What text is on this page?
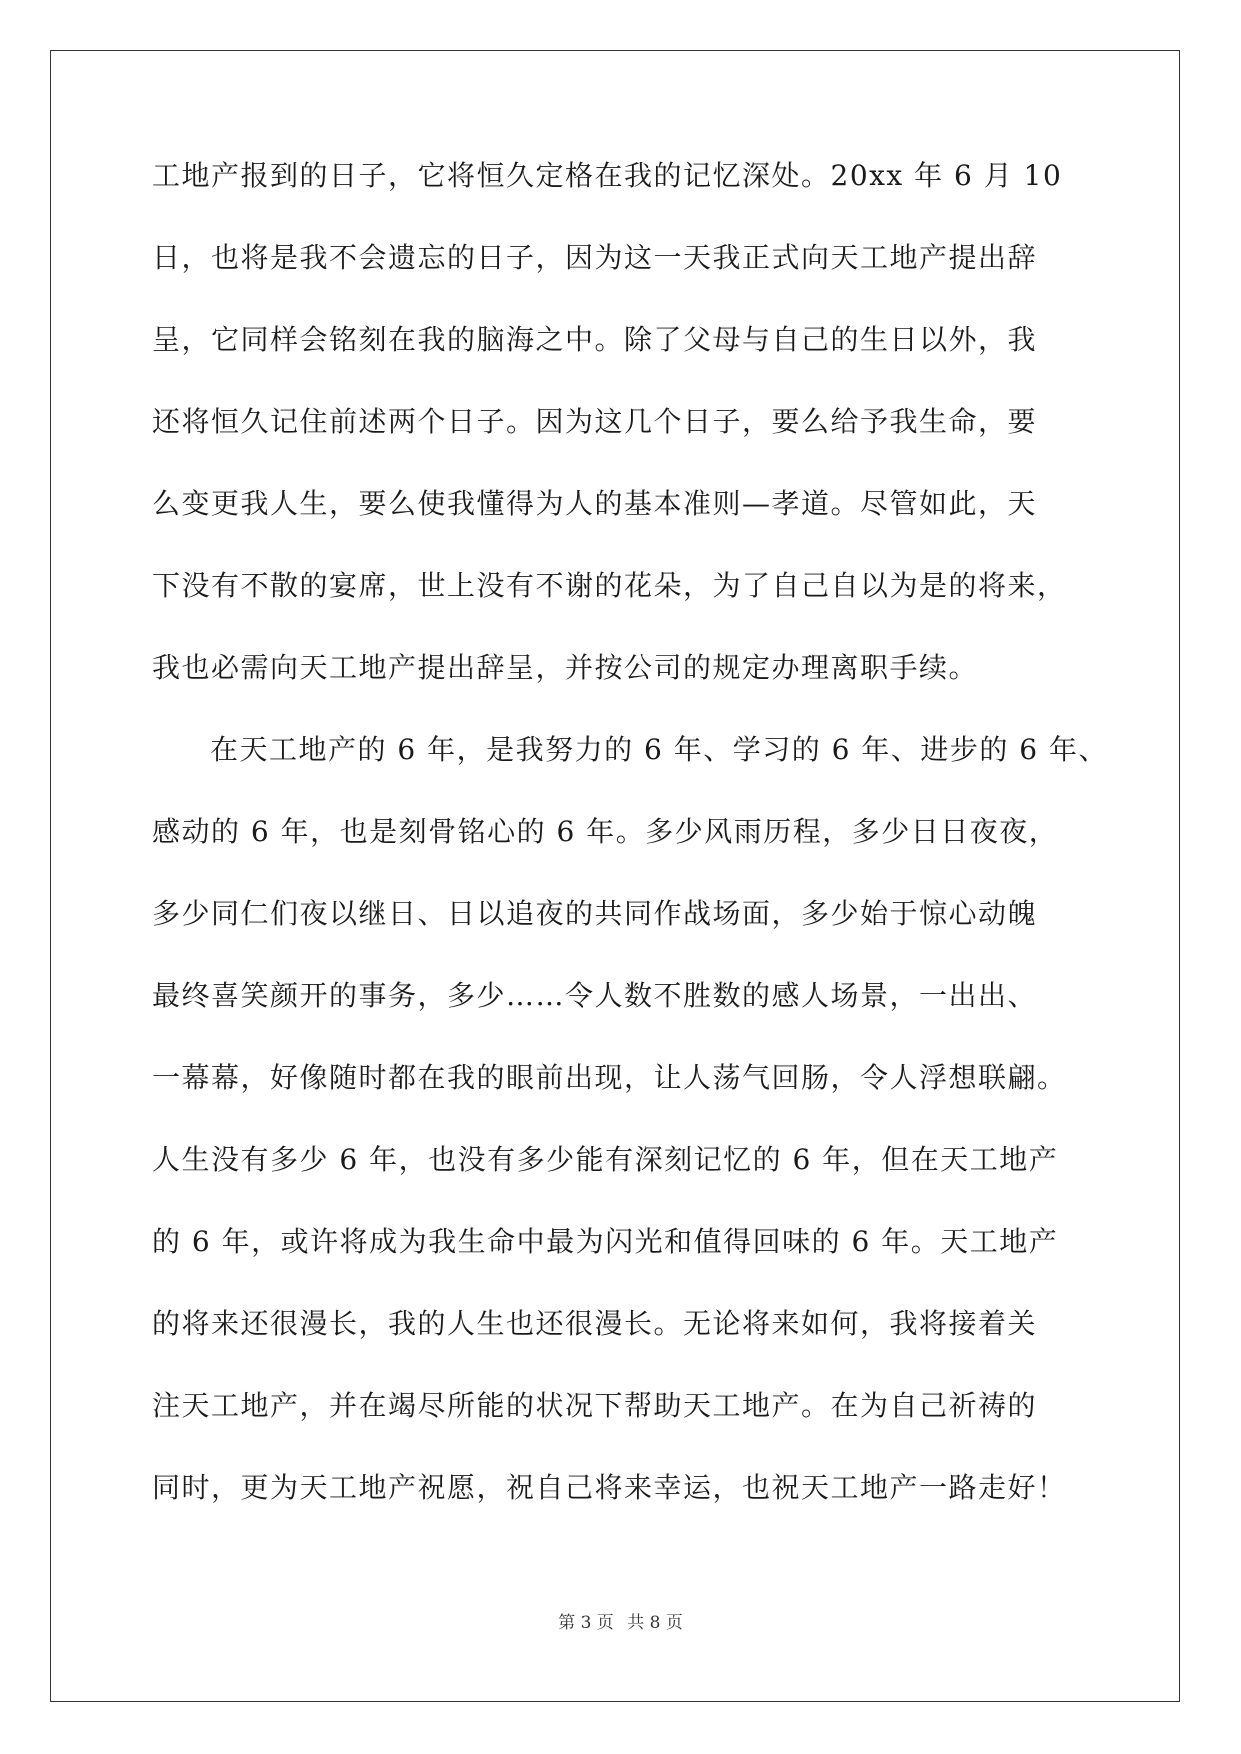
工地产报到的日子，它将恒久定格在我的记忆深处。20xx 年 6 月 10
日，也将是我不会遗忘的日子，因为这一天我正式向天工地产提出辞
呈，它同样会铭刻在我的脑海之中。除了父母与自己的生日以外，我
还将恒久记住前述两个日子。因为这几个日子，要么给予我生命，要
么变更我人生，要么使我懂得为人的基本准则—孝道。尽管如此，天
下没有不散的宴席，世上没有不谢的花朵，为了自己自以为是的将来，
我也必需向天工地产提出辞呈，并按公司的规定办理离职手续。
在天工地产的 6 年，是我努力的 6 年、学习的 6 年、进步的 6 年、
感动的 6 年，也是刻骨铭心的 6 年。多少风雨历程，多少日日夜夜，
多少同仁们夜以继日、日以追夜的共同作战场面，多少始于惊心动魄
最终喜笑颜开的事务，多少……令人数不胜数的感人场景，一出出、
一幕幕，好像随时都在我的眼前出现，让人荡气回肠，令人浮想联翩。
人生没有多少 6 年，也没有多少能有深刻记忆的 6 年，但在天工地产
的 6 年，或许将成为我生命中最为闪光和值得回味的 6 年。天工地产
的将来还很漫长，我的人生也还很漫长。无论将来如何，我将接着关
注天工地产，并在竭尽所能的状况下帮助天工地产。在为自己祈祷的
同时，更为天工地产祝愿，祝自己将来幸运，也祝天工地产一路走好！
第 3 页 共 8 页
